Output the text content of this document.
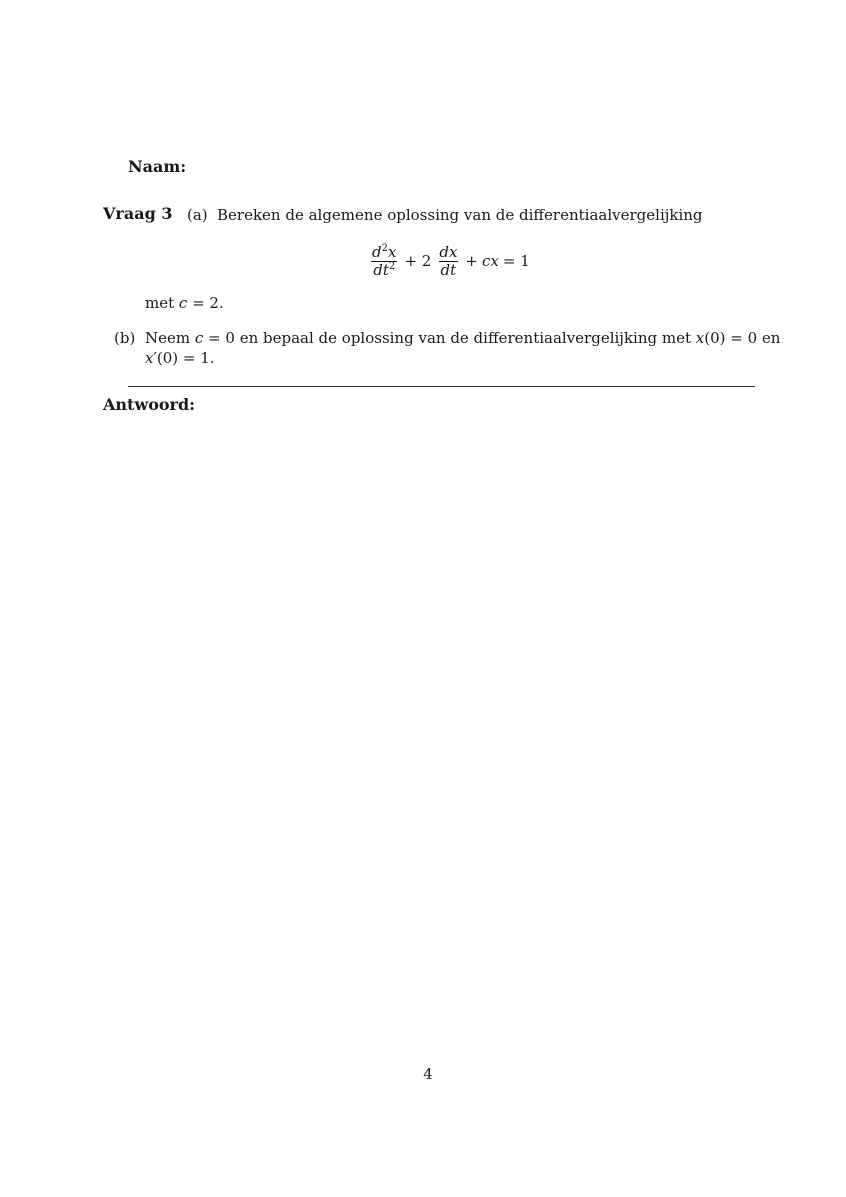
Naam:
Vraag 3 (a) Bereken de algemene oplossing van de differentiaalvergelijking
$\frac{d^2x}{dt^2} + 2 \frac{dx}{dt}$ + cx = 1
met c = 2.
(b) Neem c = 0 en bepaal de oplossing van de differentiaalvergelijking met x(0) = 0 en
x′(0) = 1.
Antwoord:
4
